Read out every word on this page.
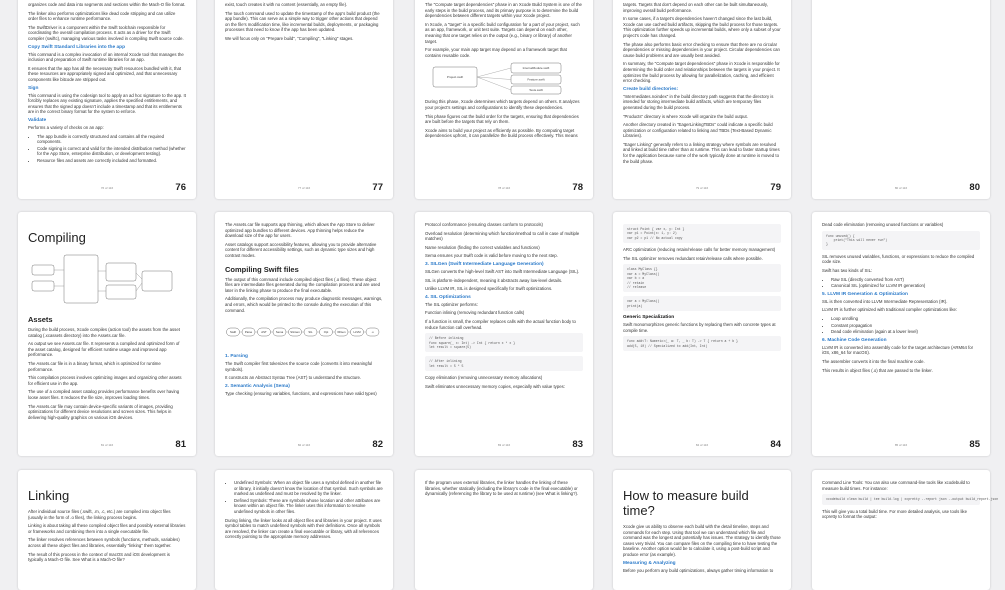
organizes code and data into segments and sections within the Mach-O file format.

The linker also performs optimizations like dead code stripping and can utilize order files to enhance runtime performance.

The SwiftDriver is a component within the Swift toolchain responsible for coordinating the overall compilation process. It acts as a driver for the Swift compiler (swiftc), managing various tasks involved in compiling Swift source code.

Copy Swift Standard Libraries into the app

This command is a complex invocation of an internal Xcode tool that manages the inclusion and preparation of Swift runtime libraries for an app.

It ensures that the app has all the necessary Swift resources bundled with it, that these resources are appropriately signed and optimized, and that unnecessary components like bitcode are stripped out.

Sign

This command is using the codesign tool to apply an ad hoc signature to the app. It forcibly replaces any existing signature, applies the specified entitlements, and ensures that the signed app doesn't include a timestamp and that its entitlements are in the correct binary format for the system to enforce.

Validate

Performs a variety of checks on an app:

• The app bundle is correctly structured and contains all the required components.
• Code signing is correct and valid for the intended distribution method (whether for the App Store, enterprise distribution, or development testing).
• Resource files and assets are correctly included and formatted.
76 of 116	76

exist, touch creates it with no content (essentially, an empty file).

The touch command used to update the timestamp of the app's build product (the app bundle). This can serve as a simple way to trigger other actions that depend on the file's modification time, like incremental builds, deployments, or packaging processes that need to know if the app has been updated.

We will focus only on "Prepare build", "Compiling", "Linking" stages.

77 of 116	77

The "Compute target dependencies" phase in an Xcode Build System is one of the early steps in the build process, and its primary purpose is to determine the build dependencies between different targets within your Xcode project.

In Xcode, a "target" is a specific build configuration for a part of your project, such as an app, framework, or unit test suite. Targets can depend on each other, meaning that one target relies on the output (e.g., binary or library) of another target.

For example, your main app target may depend on a framework target that contains reusable code.

Project.swift
InternalModule.swift
Feature.swift
Tests.swift

During this phase, Xcode determines which targets depend on others. It analyzes your project's settings and configurations to identify these dependencies.

This phase figures out the build order for the targets, ensuring that dependencies are built before the targets that rely on them.

Xcode aims to build your project as efficiently as possible. By computing target dependencies upfront, it can parallelize the build process effectively. This means

78 of 116	78

targets. Targets that don't depend on each other can be built simultaneously, improving overall build performance.

In some cases, if a target's dependencies haven't changed since the last build, Xcode can use cached build artifacts, skipping the build process for those targets. This optimization further speeds up incremental builds, where only a subset of your project's code has changed.

The phase also performs basic error checking to ensure that there are no circular dependencies or missing dependencies in your project. Circular dependencies can cause build problems and are usually best avoided.

In summary, the "Compute target dependencies" phase in Xcode is responsible for determining the build order and relationships between the targets in your project. It optimizes the build process by allowing for parallelization, caching, and efficient error checking.

Create build directories:

"Intermediates.noindex" in the build directory path suggests that the directory is intended for storing intermediate build artifacts, which are temporary files generated during the build process.

"Products" directory is where Xcode will organize the build output.

Another directory created in "EagerLinkingTBDs" could indicate a specific build optimization or configuration related to linking and TBDs (Text-Based Dynamic Libraries).

"Eager Linking" generally refers to a linking strategy where symbols are resolved and linked at build time rather than at runtime. This can lead to faster startup times for the application because some of the work typically done at runtime is moved to the build phase.

79 of 116	79	80 of 116	80
Compiling
Assets

During the build process, Xcode compiles (action tool) the assets from the asset catalog (.xcassets directory) into the Assets.car file.

As output we see Assets.car file. It represents a compiled and optimized form of the asset catalog, designed for efficient runtime usage and improved app performance.

The Assets.car file is in a binary format, which is optimized for runtime performance.

This compilation process involves optimizing images and organizing other assets for efficient use in the app.

The use of a compiled asset catalog provides performance benefits over having loose asset files. It reduces the file size, improves loading times.

The Assets.car file may contain device-specific variants of images, providing optimizations for different device resolutions and screen sizes. This helps in delivering high-quality graphics on various iOS devices.

81 of 116	81

The Assets.car file supports app thinning, which allows the App Store to deliver optimized app bundles to different devices. App thinning helps reduce the download size of the app for users.

Asset catalogs support accessibility features, allowing you to provide alternative content for different accessibility settings, such as dynamic type sizes and high contrast modes.

Compiling Swift files

The output of this command include compiled object files (.o files). These object files are intermediate files generated during the compilation process and are used later in the linking phase to produce the final executable.

Additionally, the compilation process may produce diagnostic messages, warnings, and errors, which would be printed to the console during the execution of this command.

Swift	Parse	AST	Sema	SILGen	SIL	Opt	IRGen	LLVM	.o
1. Parsing

The Swift compiler first tokenizes the source code (converts it into meaningful symbols).

It constructs an Abstract Syntax Tree (AST) to understand the structure.

2. Semantic Analysis (Sema)

Type checking (ensuring variables, functions, and expressions have valid types)

82 of 116	82

Protocol conformance (ensuring classes conform to protocols)

Overload resolution (determining which function/method to call in case of multiple matches)

Name resolution (finding the correct variables and functions)

Sema ensures your Swift code is valid before moving to the next step.

3. SILGen (Swift Intermediate Language Generation)

SILGen converts the high-level Swift AST into Swift Intermediate Language (SIL).

SIL is platform-independent, meaning it abstracts away low-level details.

Unlike LLVM IR, SIL is designed specifically for Swift optimizations.

4. SIL Optimizations

The SIL optimizer performs:

Function inlining (removing redundant function calls)

If a function is small, the compiler replaces calls with the actual function body to reduce function call overhead.

// Before inlining
func square(_ x: Int) -> Int { return x * x }
let result = square(5)
// After inlining
let result = 5 * 5

Copy elimination (removing unnecessary memory allocations)

Swift eliminates unnecessary memory copies, especially with value types:

83 of 116	83
struct Point { var x, y: Int }
var p1 = Point(x: 1, y: 2)
var p2 = p1 // No actual copy

ARC optimization (reducing retain/release calls for better memory management)

The SIL optimizer removes redundant retain/release calls where possible.

class MyClass {}
var a = MyClass()
var b = a
// retain
// release
var a = MyClass()
print(a)
Generic Specialization

Swift monomorphizes generic functions by replacing them with concrete types at compile time.

func add<T: Numeric>(_ a: T, _ b: T) -> T { return a + b }
add(5, 10) // Specialized to add(Int, Int)
84 of 116	84

Dead code elimination (removing unused functions or variables)

func unused() {
print("This will never run")
}

SIL removes unused variables, functions, or expressions to reduce the compiled code size.

Swift has two kinds of SIL:

• Raw SIL (directly converted from AST)
• Canonical SIL (optimized for LLVM IR generation)
5. LLVM IR Generation & Optimization

SIL is then converted into LLVM Intermediate Representation (IR).

LLVM IR is further optimized with traditional compiler optimizations like:

• Loop unrolling
• Constant propagation
• Dead code elimination (again at a lower level)
6. Machine Code Generation

LLVM IR is converted into assembly code for the target architecture (ARM64 for iOS, x86_64 for macOS).

The assembler converts it into the final machine code.

This results in object files (.o) that are passed to the linker.

85 of 116	85
Linking

After individual source files (.swift, .m, .c, etc.) are compiled into object files (usually in the form of .o files), the linking process begins.

Linking is about taking all these compiled object files and possibly external libraries or frameworks and combining them into a single executable file.

The linker resolves references between symbols (functions, methods, variables) across all these object files and libraries, essentially "linking" them together.

The result of this process in the context of macOS and iOS development is typically a Mach-O file. See What is a Mach-O file?

• Undefined Symbols: When an object file uses a symbol defined in another file or library, it initially doesn't know the location of that symbol. Such symbols are marked as undefined and must be resolved by the linker.
• Defined Symbols: These are symbols whose location and other attributes are known within an object file. The linker uses this information to resolve undefined symbols in other files.

During linking, the linker looks at all object files and libraries in your project. It uses symbol tables to match undefined symbols with their definitions. Once all symbols are resolved, the linker can create a final executable or library, with all references correctly pointing to the appropriate memory addresses.

If the program uses external libraries, the linker handles the linking of these libraries, whether statically (including the library's code in the final executable) or dynamically (referencing the library to be used at runtime) (see What is linking?).	How to measure build time?

Xcode give us ability to observe each build with the detail timeline, steps and commands for each step. Using that tool we can understand which file and command was the longest and potentially has issues. The strategy to identify those cases very trivial. You can compare files on the compiling time to have testing the baseline. Another option would be to calculate it, using a post-build script and produce error (as example).

Measuring & Analyzing

Before you perform any build optimizations, always gather timing information to

Command Line Tools: You can also use command-line tools like xcodebuild to measure build times. For instance:

xcodebuild clean build | tee build.log | xcpretty --report json --output build_report.json

This will give you a total build time. For more detailed analysis, use tools like xcpretty to format the output:
